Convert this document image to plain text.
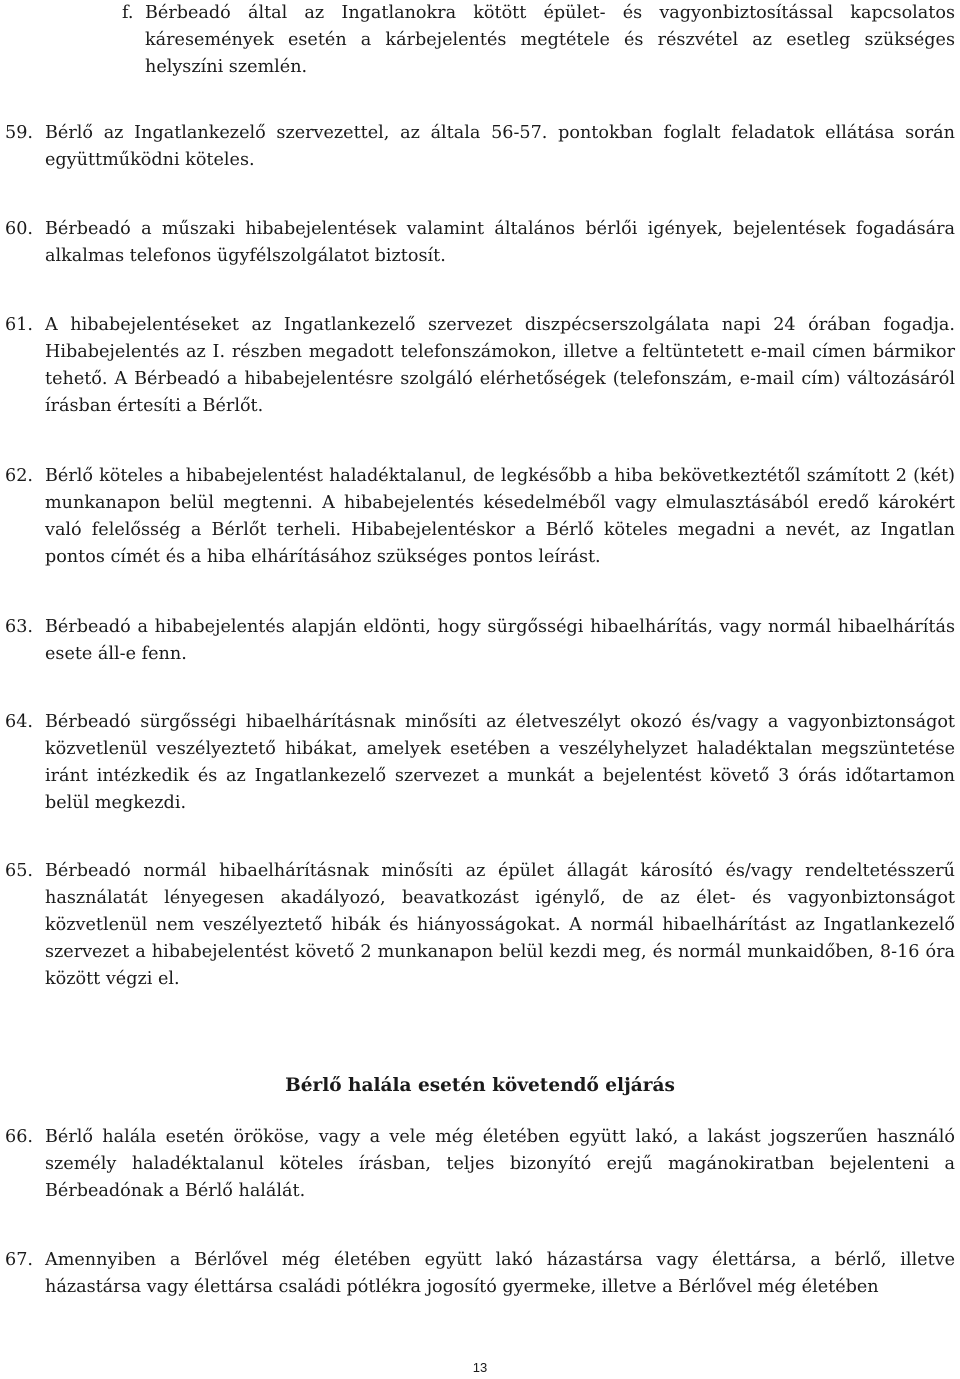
f. Bérbeadó által az Ingatlanokra kötött épület- és vagyonbiztosítással kapcsolatos káresemények esetén a kárbejelentés megtétele és részvétel az esetleg szükséges helyszíni szemlén.
59. Bérlő az Ingatlankezelő szervezettel, az általa 56-57. pontokban foglalt feladatok ellátása során együttműködni köteles.
60. Bérbeadó a műszaki hibabejelentések valamint általános bérlői igények, bejelentések fogadására alkalmas telefonos ügyfélszolgálatot biztosít.
61. A hibabejelentéseket az Ingatlankezelő szervezet diszpécserszolgálata napi 24 órában fogadja. Hibabejelentés az I. részben megadott telefonszámokon, illetve a feltüntetett e-mail címen bármikor tehető. A Bérbeadó a hibabejelentésre szolgáló elérhetőségek (telefonszám, e-mail cím) változásáról írásban értesíti a Bérlőt.
62. Bérlő köteles a hibabejelentést haladéktalanul, de legkésőbb a hiba bekövetkeztétől számított 2 (két) munkanapon belül megtenni. A hibabejelentés késedelméből vagy elmulasztásából eredő károkért való felelősség a Bérlőt terheli. Hibabejelentéskor a Bérlő köteles megadni a nevét, az Ingatlan pontos címét és a hiba elhárításához szükséges pontos leírást.
63. Bérbeadó a hibabejelentés alapján eldönti, hogy sürgősségi hibaelhárítás, vagy normál hibaelhárítás esete áll-e fenn.
64. Bérbeadó sürgősségi hibaelhárításnak minősíti az életveszélyt okozó és/vagy a vagyonbiztonságot közvetlenül veszélyeztető hibákat, amelyek esetében a veszélyhelyzet haladéktalan megszüntetése iránt intézkedik és az Ingatlankezelő szervezet a munkát a bejelentést követő 3 órás időtartamon belül megkezdi.
65. Bérbeadó normál hibaelhárításnak minősíti az épület állagát károsító és/vagy rendeltetésszerű használatát lényegesen akadályozó, beavatkozást igénylő, de az élet- és vagyonbiztonságot közvetlenül nem veszélyeztető hibák és hiányosságokat. A normál hibaelhárítást az Ingatlankezelő szervezet a hibabejelentést követő 2 munkanapon belül kezdi meg, és normál munkaidőben, 8-16 óra között végzi el.
Bérlő halála esetén követendő eljárás
66. Bérlő halála esetén örököse, vagy a vele még életében együtt lakó, a lakást jogszerűen használó személy haladéktalanul köteles írásban, teljes bizonyító erejű magánokiratban bejelenteni a Bérbeadónak a Bérlő halálát.
67. Amennyiben a Bérlővel még életében együtt lakó házastársa vagy élettársa, a bérlő, illetve házastársa vagy élettársa családi pótlékra jogosító gyermeke, illetve a Bérlővel még életében
13
